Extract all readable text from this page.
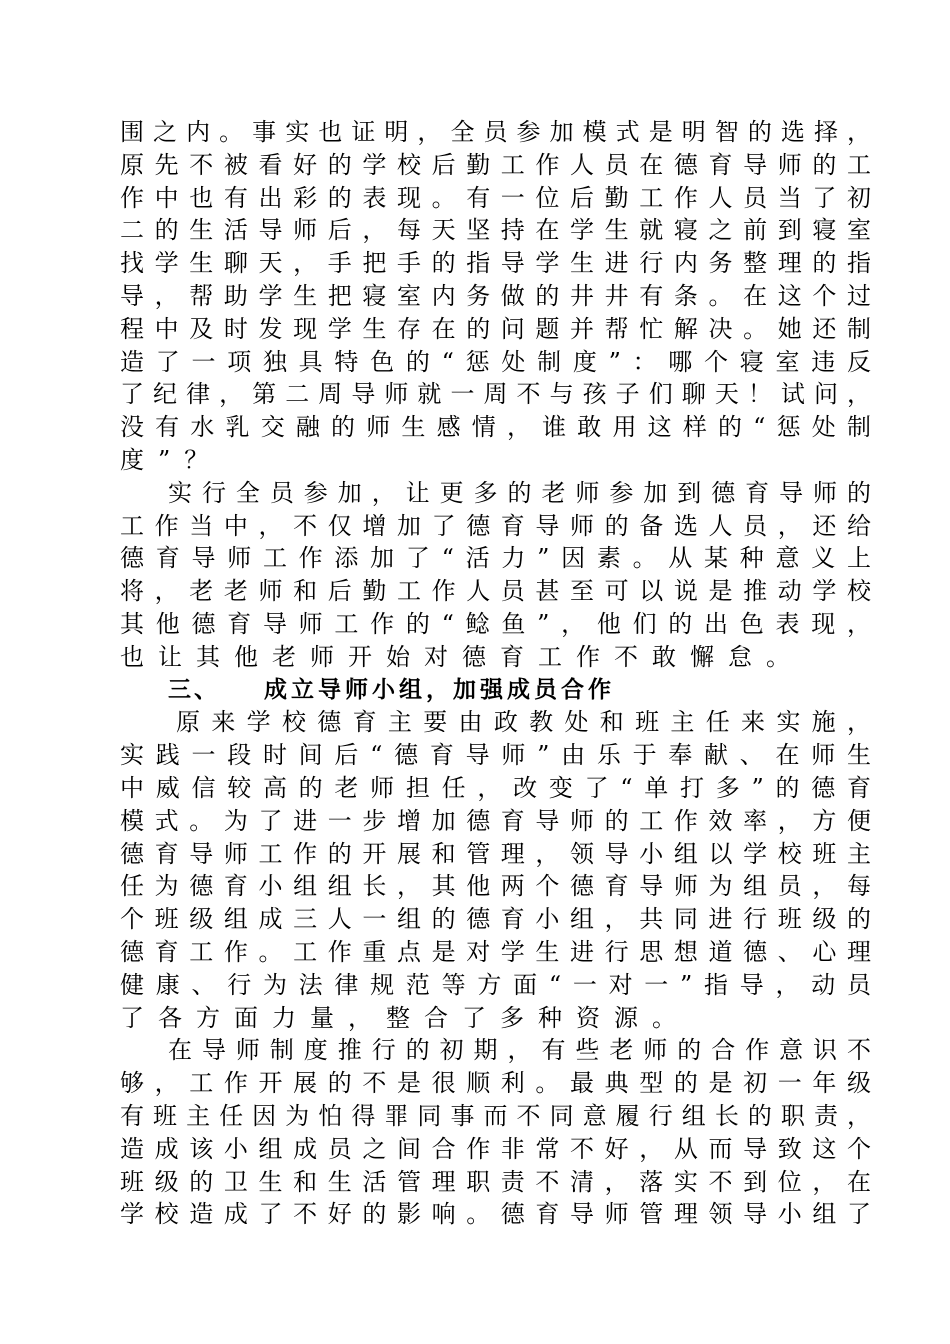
围之内。事实也证明，全员参加模式是明智的选择，
原先不被看好的学校后勤工作人员在德育导师的工
作中也有出彩的表现。有一位后勤工作人员当了初
二的生活导师后，每天坚持在学生就寝之前到寝室
找学生聊天，手把手的指导学生进行内务整理的指
导，帮助学生把寝室内务做的井井有条。在这个过
程中及时发现学生存在的问题并帮忙解决。她还制
造了一项独具特色的“惩处制度”：哪个寝室违反
了纪律，第二周导师就一周不与孩子们聊天！试问，
没有水乳交融的师生感情，谁敢用这样的“惩处制
度”？
实行全员参加，让更多的老师参加到德育导师的
工作当中，不仅增加了德育导师的备选人员，还给
德育导师工作添加了“活力”因素。从某种意义上
将，老老师和后勤工作人员甚至可以说是推动学校
其他德育导师工作的“鲶鱼”，他们的出色表现，
也让其他老师开始对德育工作不敢懈怠。
三、 成立导师小组，加强成员合作
原来学校德育主要由政教处和班主任来实施，
实践一段时间后“德育导师”由乐于奉献、在师生
中威信较高的老师担任，改变了“单打多”的德育
模式。为了进一步增加德育导师的工作效率，方便
德育导师工作的开展和管理，领导小组以学校班主
任为德育小组组长，其他两个德育导师为组员，每
个班级组成三人一组的德育小组，共同进行班级的
德育工作。工作重点是对学生进行思想道德、心理
健康、行为法律规范等方面“一对一”指导，动员
了各方面力量，整合了多种资源。
在导师制度推行的初期，有些老师的合作意识不
够，工作开展的不是很顺利。最典型的是初一年级
有班主任因为怕得罪同事而不同意履行组长的职责，
造成该小组成员之间合作非常不好，从而导致这个
班级的卫生和生活管理职责不清，落实不到位，在
学校造成了不好的影响。德育导师管理领导小组了
